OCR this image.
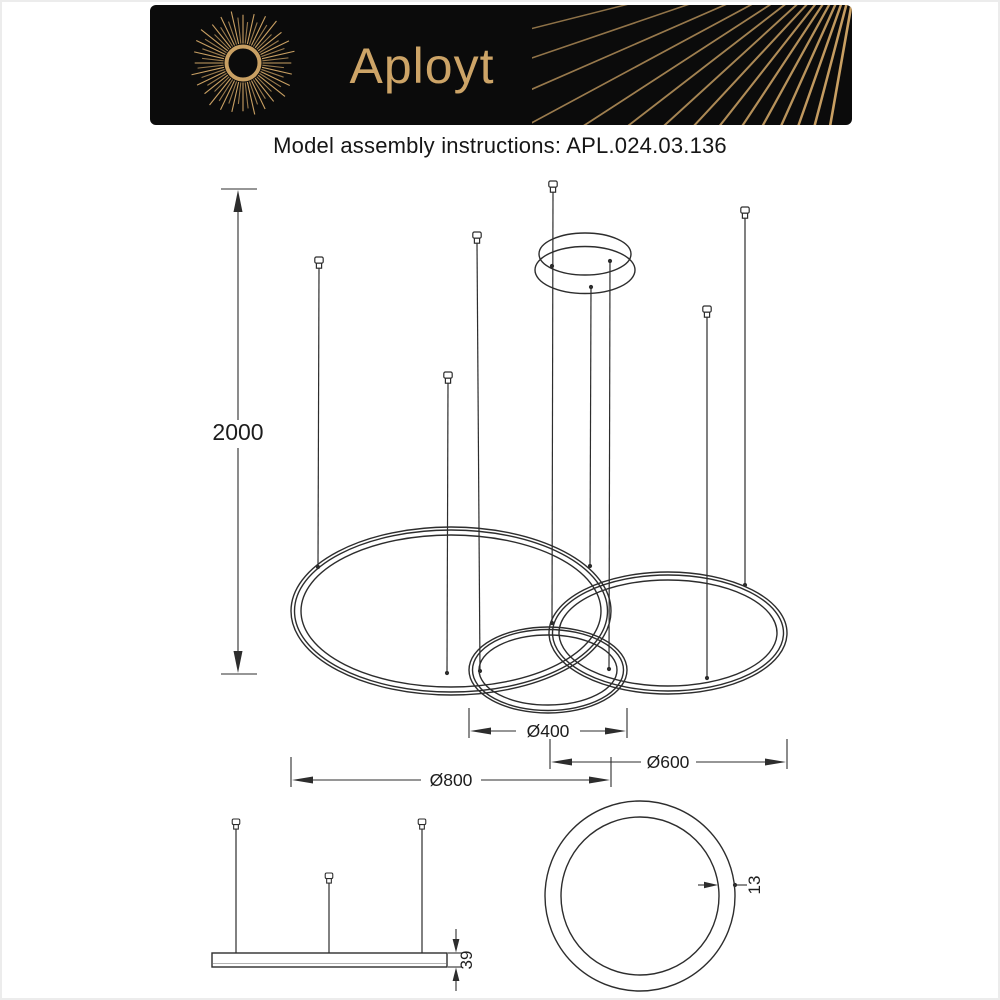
Aployt
Model assembly instructions: APL.024.03.136
2000
Ø400
Ø600
Ø800
39
13
